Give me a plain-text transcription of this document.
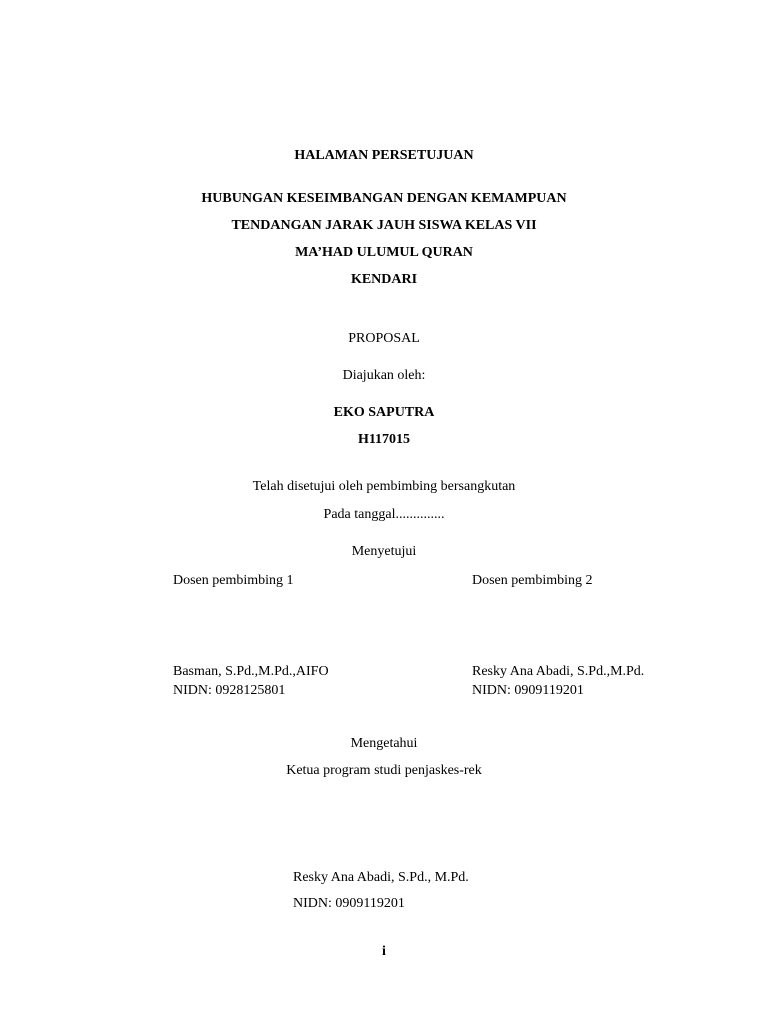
HALAMAN PERSETUJUAN
HUBUNGAN KESEIMBANGAN DENGAN KEMAMPUAN
TENDANGAN JARAK JAUH SISWA KELAS VII
MA’HAD ULUMUL QURAN
KENDARI
PROPOSAL
Diajukan oleh:
EKO SAPUTRA
H117015
Telah disetujui oleh pembimbing bersangkutan
Pada tanggal..............
Menyetujui
Dosen pembimbing 1	Dosen pembimbing 2
Basman, S.Pd.,M.Pd.,AIFO	Resky Ana Abadi, S.Pd.,M.Pd.
NIDN: 0928125801	NIDN: 0909119201
Mengetahui
Ketua program studi penjaskes-rek
Resky Ana Abadi, S.Pd., M.Pd.
NIDN: 0909119201
i
